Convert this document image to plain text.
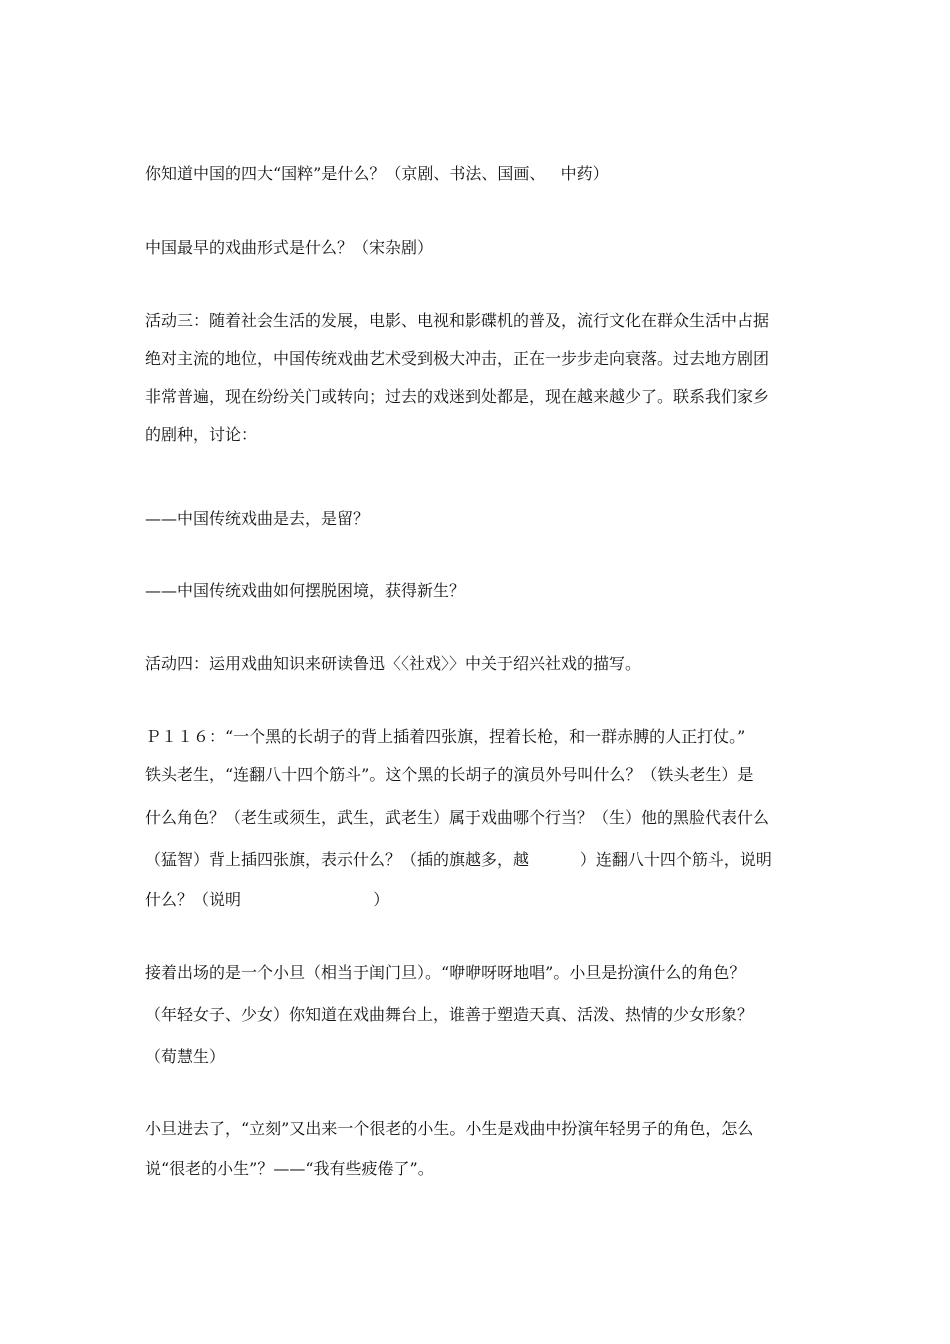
你知道中国的四大“国粹”是什么？（京剧、书法、国画、   中药）
中国最早的戏曲形式是什么？（宋杂剧）
活动三：随着社会生活的发展，电影、电视和影碟机的普及，流行文化在群众生活中占据
绝对主流的地位，中国传统戏曲艺术受到极大冲击，正在一步步走向衰落。过去地方剧团
非常普遍，现在纷纷关门或转向；过去的戏迷到处都是，现在越来越少了。联系我们家乡
的剧种，讨论：
——中国传统戏曲是去，是留？
——中国传统戏曲如何摆脱困境，获得新生？
活动四：运用戏曲知识来研读鲁迅〈〈社戏〉〉中关于绍兴社戏的描写。
Ｐ１１６：“一个黑的长胡子的背上插着四张旗，捏着长枪，和一群赤膊的人正打仗。”
铁头老生，“连翻八十四个筋斗”。这个黑的长胡子的演员外号叫什么？（铁头老生）是
什么角色？（老生或须生，武生，武老生）属于戏曲哪个行当？（生）他的黑脸代表什么
（猛智）背上插四张旗，表示什么？（插的旗越多，越          ）连翻八十四个筋斗，说明
什么？（说明                          ）
接着出场的是一个小旦（相当于闺门旦）。“咿咿呀呀地唱”。小旦是扮演什么的角色？
（年轻女子、少女）你知道在戏曲舞台上，谁善于塑造天真、活泼、热情的少女形象？
（荀慧生）
小旦进去了，“立刻”又出来一个很老的小生。小生是戏曲中扮演年轻男子的角色，怎么
说“很老的小生”？——“我有些疲倦了”。
